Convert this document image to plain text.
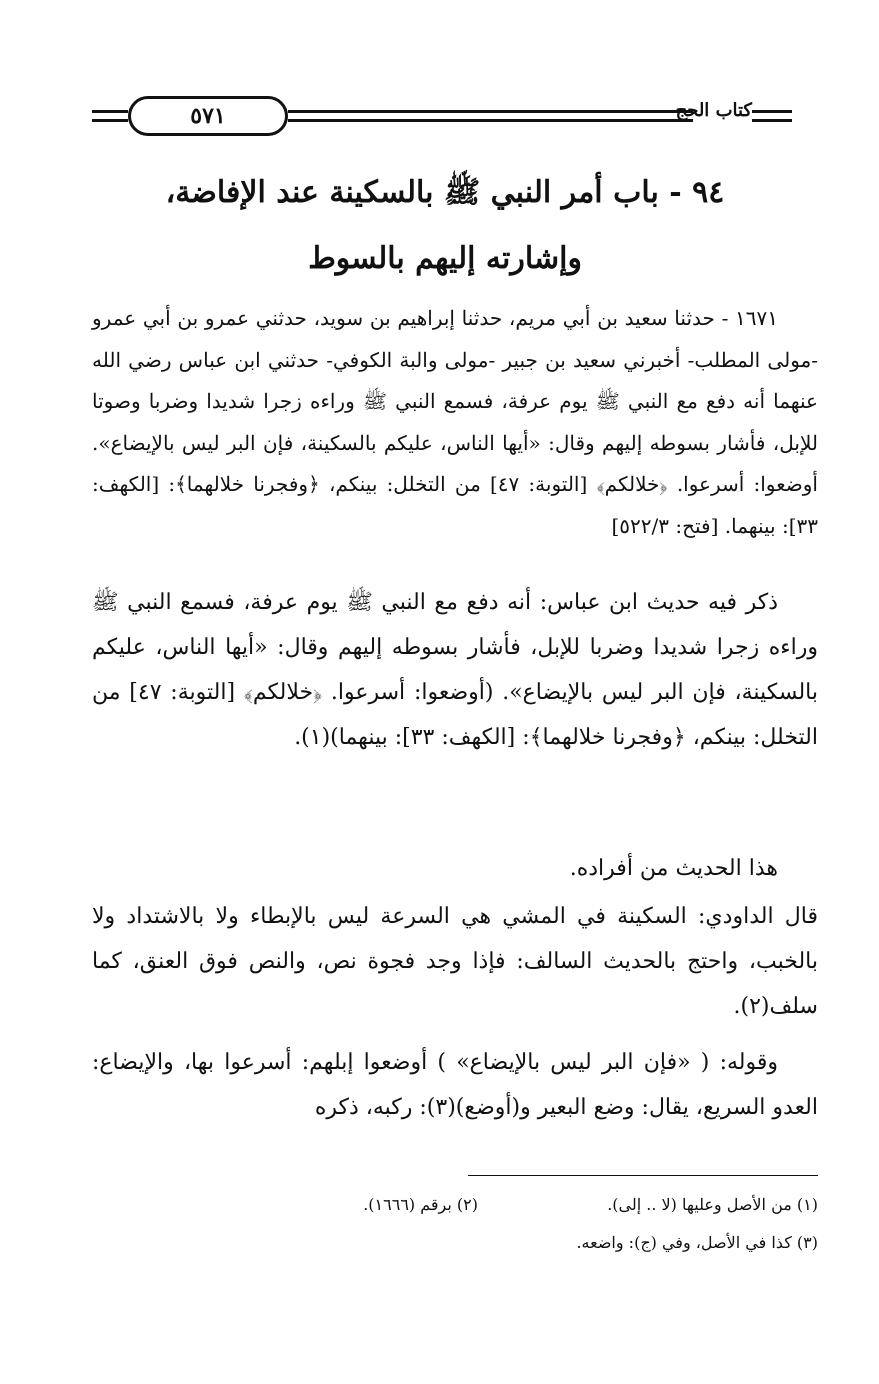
٥٧١	كتاب الحج
٩٤ - باب أمر النبي ﷺ بالسكينة عند الإفاضة،
وإشارته إليهم بالسوط
١٦٧١ - حدثنا سعيد بن أبي مريم، حدثنا إبراهيم بن سويد، حدثني عمرو بن أبي عمرو -مولى المطلب- أخبرني سعيد بن جبير -مولى والبة الكوفي- حدثني ابن عباس رضي الله عنهما أنه دفع مع النبي ﷺ يوم عرفة، فسمع النبي ﷺ وراءه زجرا شديدا وضربا وصوتا للإبل، فأشار بسوطه إليهم وقال: «أيها الناس، عليكم بالسكينة، فإن البر ليس بالإيضاع». أوضعوا: أسرعوا. ﴿خلالكم﴾ [التوبة: ٤٧] من التخلل: بينكم، ﴿وفجرنا خلالهما﴾: [الكهف: ٣٣]: بينهما. [فتح: ٥٢٢/٣]
ذكر فيه حديث ابن عباس: أنه دفع مع النبي ﷺ يوم عرفة، فسمع النبي ﷺ وراءه زجرا شديدا وضربا للإبل، فأشار بسوطه إليهم وقال: «أيها الناس، عليكم بالسكينة، فإن البر ليس بالإيضاع». (أوضعوا: أسرعوا. ﴿خلالكم﴾ [التوبة: ٤٧] من التخلل: بينكم، ﴿وفجرنا خلالهما﴾: [الكهف: ٣٣]: بينهما)(١).
هذا الحديث من أفراده.
قال الداودي: السكينة في المشي هي السرعة ليس بالإبطاء ولا بالاشتداد ولا بالخبب، واحتج بالحديث السالف: فإذا وجد فجوة نص، والنص فوق العنق، كما سلف(٢).
وقوله: ( «فإن البر ليس بالإيضاع» ) أوضعوا إبلهم: أسرعوا بها، والإيضاع: العدو السريع، يقال: وضع البعير و(أوضع)(٣): ركبه، ذكره
(١) من الأصل وعليها (لا .. إلى).
(٢) برقم (١٦٦٦).
(٣) كذا في الأصل، وفي (ج): واضعه.
